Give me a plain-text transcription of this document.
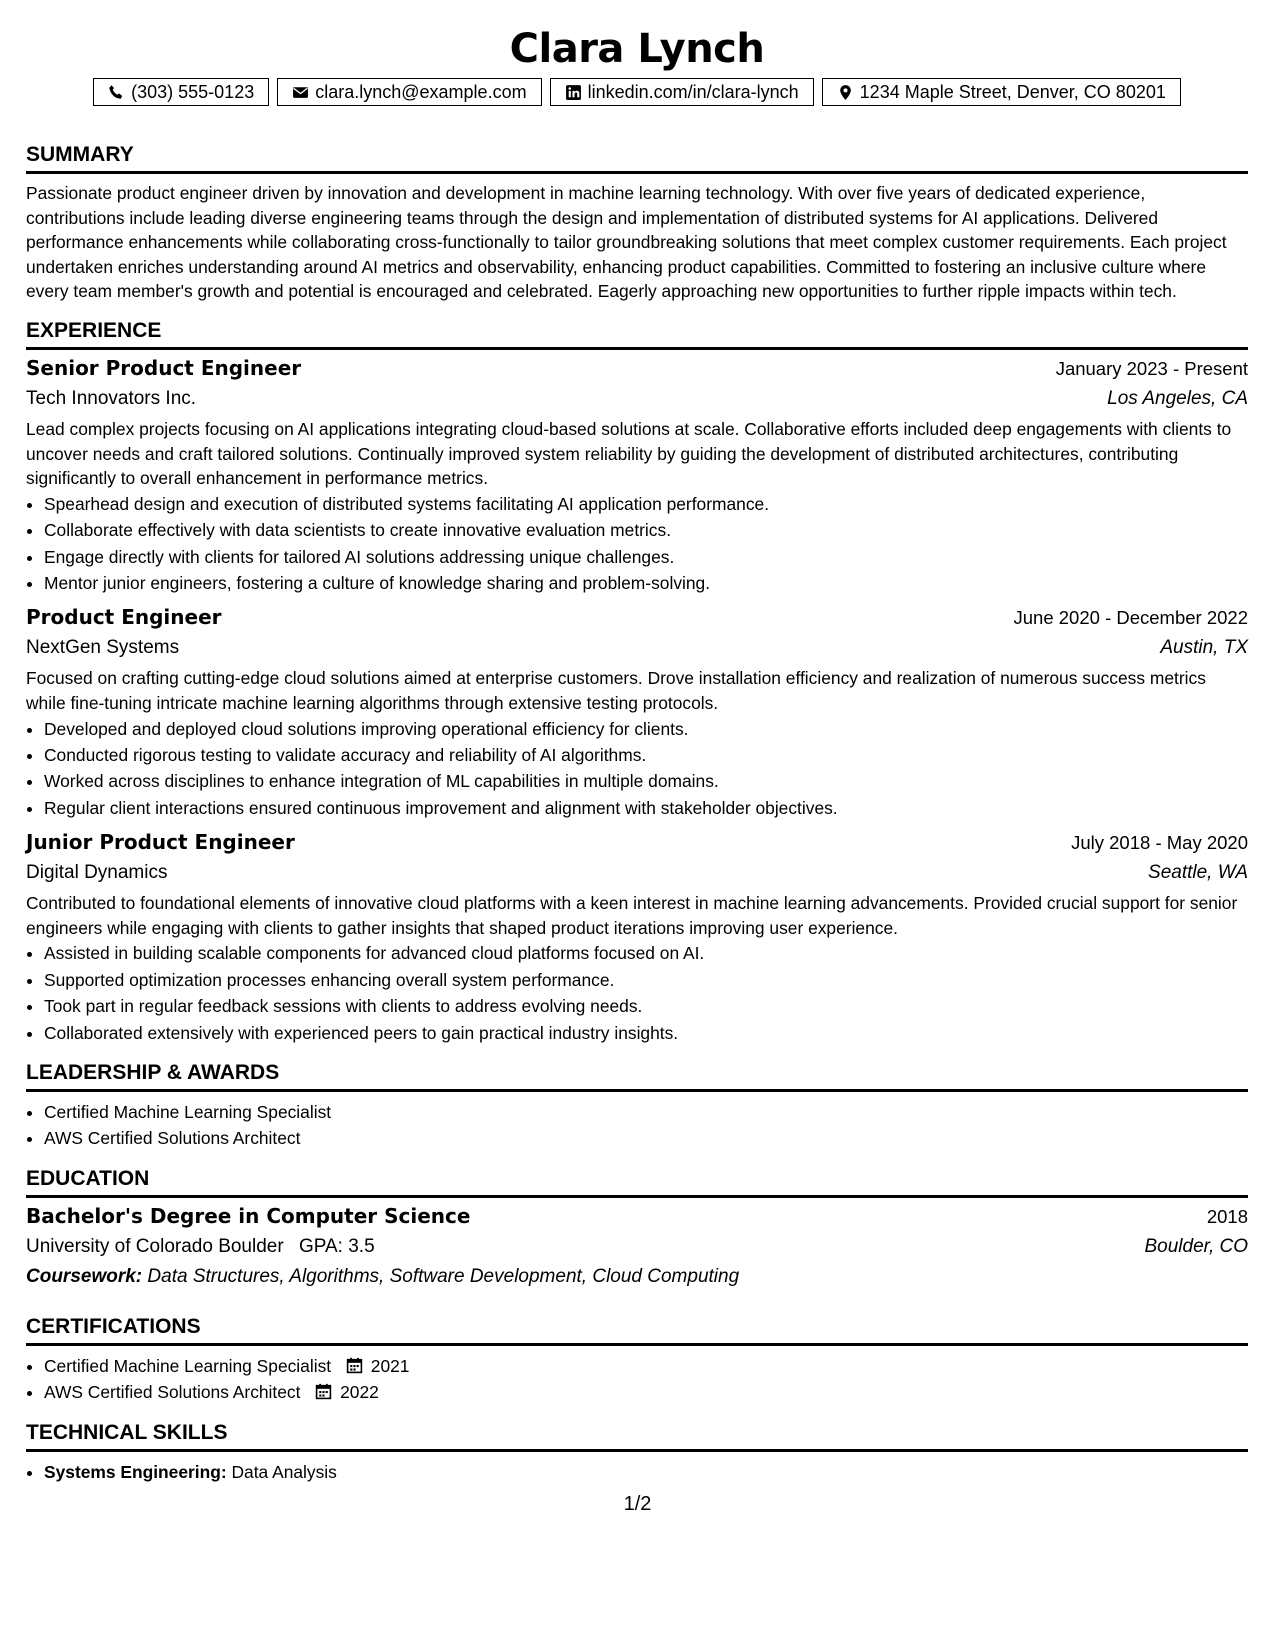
Clara Lynch
(303) 555-0123	clara.lynch@example.com	linkedin.com/in/clara-lynch	1234 Maple Street, Denver, CO 80201
SUMMARY

Passionate product engineer driven by innovation and development in machine learning technology. With over five years of dedicated experience, contributions include leading diverse engineering teams through the design and implementation of distributed systems for AI applications. Delivered performance enhancements while collaborating cross-functionally to tailor groundbreaking solutions that meet complex customer requirements. Each project undertaken enriches understanding around AI metrics and observability, enhancing product capabilities. Committed to fostering an inclusive culture where every team member's growth and potential is encouraged and celebrated. Eagerly approaching new opportunities to further ripple impacts within tech.

EXPERIENCE
Senior Product Engineer	January 2023 - Present
Tech Innovators Inc.	Los Angeles, CA

Lead complex projects focusing on AI applications integrating cloud-based solutions at scale. Collaborative efforts included deep engagements with clients to uncover needs and craft tailored solutions. Continually improved system reliability by guiding the development of distributed architectures, contributing significantly to overall enhancement in performance metrics.

• Spearhead design and execution of distributed systems facilitating AI application performance.
• Collaborate effectively with data scientists to create innovative evaluation metrics.
• Engage directly with clients for tailored AI solutions addressing unique challenges.
• Mentor junior engineers, fostering a culture of knowledge sharing and problem-solving.
Product Engineer	June 2020 - December 2022
NextGen Systems	Austin, TX

Focused on crafting cutting-edge cloud solutions aimed at enterprise customers. Drove installation efficiency and realization of numerous success metrics while fine-tuning intricate machine learning algorithms through extensive testing protocols.

• Developed and deployed cloud solutions improving operational efficiency for clients.
• Conducted rigorous testing to validate accuracy and reliability of AI algorithms.
• Worked across disciplines to enhance integration of ML capabilities in multiple domains.
• Regular client interactions ensured continuous improvement and alignment with stakeholder objectives.
Junior Product Engineer	July 2018 - May 2020
Digital Dynamics	Seattle, WA

Contributed to foundational elements of innovative cloud platforms with a keen interest in machine learning advancements. Provided crucial support for senior engineers while engaging with clients to gather insights that shaped product iterations improving user experience.

• Assisted in building scalable components for advanced cloud platforms focused on AI.
• Supported optimization processes enhancing overall system performance.
• Took part in regular feedback sessions with clients to address evolving needs.
• Collaborated extensively with experienced peers to gain practical industry insights.
LEADERSHIP & AWARDS
• Certified Machine Learning Specialist
• AWS Certified Solutions Architect
EDUCATION
Bachelor's Degree in Computer Science	2018
University of Colorado Boulder GPA: 3.5	Boulder, CO
Coursework: Data Structures, Algorithms, Software Development, Cloud Computing
CERTIFICATIONS
• Certified Machine Learning Specialist 2021
• AWS Certified Solutions Architect 2022
TECHNICAL SKILLS
• Systems Engineering: Data Analysis
1/2
